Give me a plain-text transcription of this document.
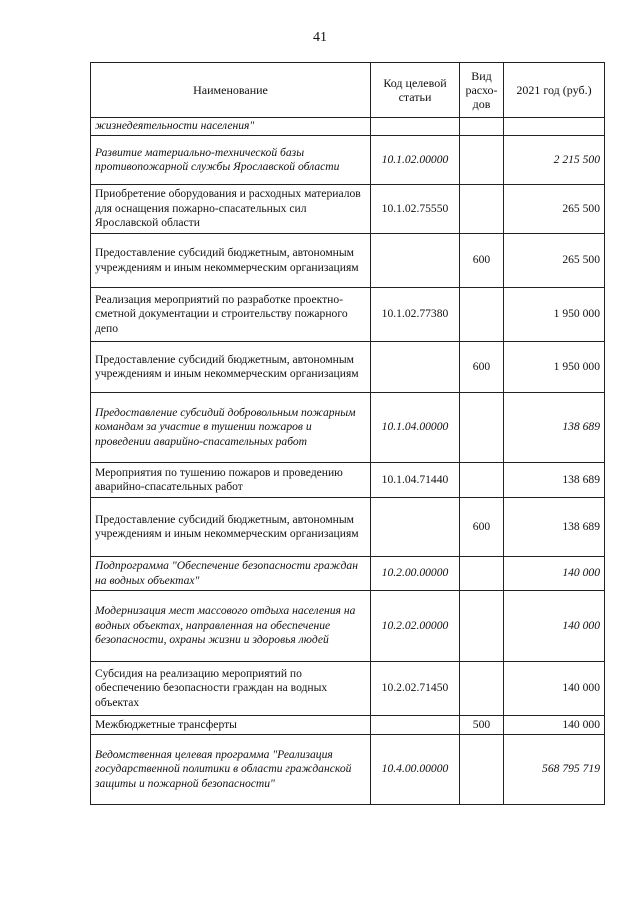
41
Наименование	Код целевой статьи	Вид расхо-дов	2021 год (руб.)
жизнедеятельности населения"			
Развитие материально-технической базы противопожарной службы Ярославской области	10.1.02.00000		2 215 500
Приобретение оборудования и расходных материалов для оснащения пожарно-спасательных сил Ярославской области	10.1.02.75550		265 500
Предоставление субсидий бюджетным, автономным учреждениям и иным некоммерческим организациям		600	265 500
Реализация мероприятий по разработке проектно-сметной документации и строительству пожарного депо	10.1.02.77380		1 950 000
Предоставление субсидий бюджетным, автономным учреждениям и иным некоммерческим организациям		600	1 950 000
Предоставление субсидий добровольным пожарным командам за участие в тушении пожаров и проведении аварийно-спасательных работ	10.1.04.00000		138 689
Мероприятия по тушению пожаров и проведению аварийно-спасательных работ	10.1.04.71440		138 689
Предоставление субсидий бюджетным, автономным учреждениям и иным некоммерческим организациям		600	138 689
Подпрограмма "Обеспечение безопасности граждан на водных объектах"	10.2.00.00000		140 000
Модернизация мест массового отдыха населения на водных объектах, направленная на обеспечение безопасности, охраны жизни и здоровья людей	10.2.02.00000		140 000
Субсидия на реализацию мероприятий по обеспечению безопасности граждан на водных объектах	10.2.02.71450		140 000
Межбюджетные трансферты		500	140 000
Ведомственная целевая программа "Реализация государственной политики в области гражданской защиты и пожарной безопасности"	10.4.00.00000		568 795 719
